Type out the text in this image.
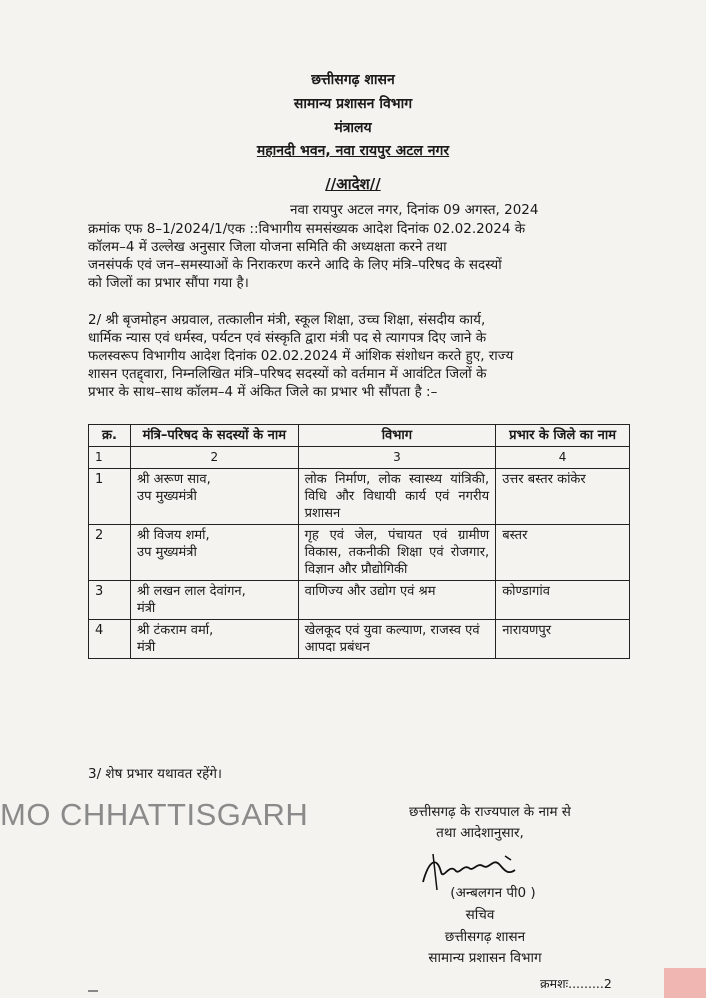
छत्तीसगढ़ शासन
सामान्य प्रशासन विभाग
मंत्रालय
महानदी भवन, नवा रायपुर अटल नगर
//आदेश//
नवा रायपुर अटल नगर, दिनांक 09 अगस्त, 2024
क्रमांक एफ 8–1/2024/1/एक ::विभागीय समसंख्यक आदेश दिनांक 02.02.2024 के
कॉलम–4 में उल्लेख अनुसार जिला योजना समिति की अध्यक्षता करने तथा
जनसंपर्क एवं जन–समस्याओं के निराकरण करने आदि के लिए मंत्रि–परिषद के सदस्यों
को जिलों का प्रभार सौंपा गया है।
2/ श्री बृजमोहन अग्रवाल, तत्कालीन मंत्री, स्कूल शिक्षा, उच्च शिक्षा, संसदीय कार्य,
धार्मिक न्यास एवं धर्मस्व, पर्यटन एवं संस्कृति द्वारा मंत्री पद से त्यागपत्र दिए जाने के
फलस्वरूप विभागीय आदेश दिनांक 02.02.2024 में आंशिक संशोधन करते हुए, राज्य
शासन एतद्द्वारा, निम्नलिखित मंत्रि–परिषद सदस्यों को वर्तमान में आवंटित जिलों के
प्रभार के साथ–साथ कॉलम–4 में अंकित जिले का प्रभार भी सौंपता है :–
क्र.	मंत्रि–परिषद के सदस्यों के नाम	विभाग	प्रभार के जिले का नाम
1	2	3	4
1	श्री अरूण साव,
उप मुख्यमंत्री	लोक निर्माण, लोक स्वास्थ्य यांत्रिकी, विधि और विधायी कार्य एवं नगरीय प्रशासन	उत्तर बस्तर कांकेर
2	श्री विजय शर्मा,
उप मुख्यमंत्री	गृह एवं जेल, पंचायत एवं ग्रामीण विकास, तकनीकी शिक्षा एवं रोजगार, विज्ञान और प्रौद्योगिकी	बस्तर
3	श्री लखन लाल देवांगन,
मंत्री	वाणिज्य और उद्योग एवं श्रम	कोण्डागांव
4	श्री टंकराम वर्मा,
मंत्री	खेलकूद एवं युवा कल्याण, राजस्व एवं आपदा प्रबंधन	नारायणपुर
3/ शेष प्रभार यथावत रहेंगे।
MO CHHATTISGARH	छत्तीसगढ़ के राज्यपाल के नाम से
तथा आदेशानुसार,
(अन्बलगन पी0 )
सचिव
छत्तीसगढ़ शासन
सामान्य प्रशासन विभाग
क्रमशः.........2
